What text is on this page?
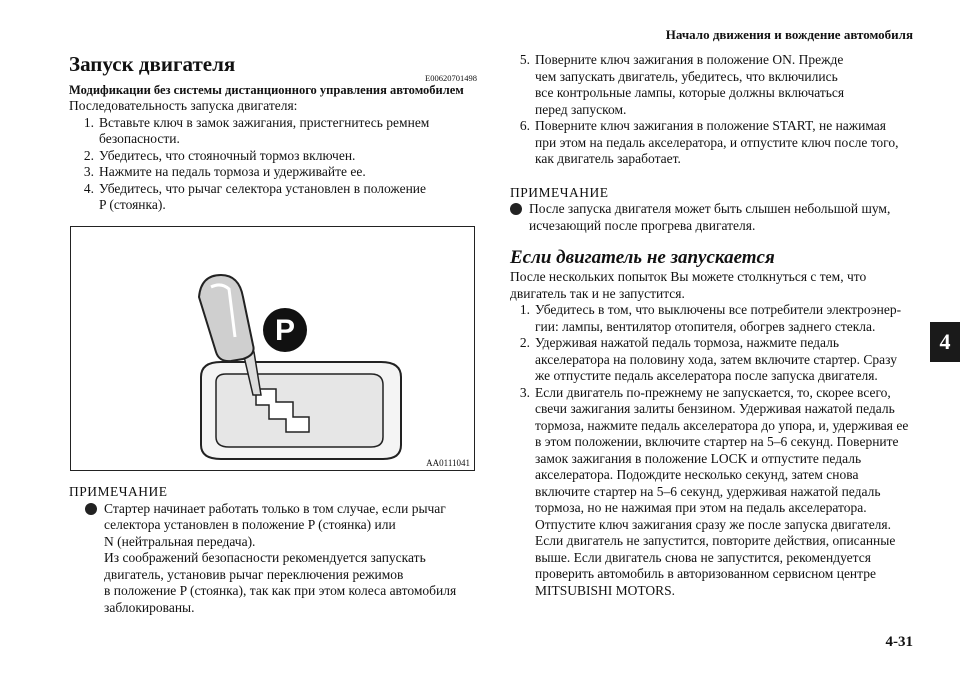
Начало движения и вождение автомобиля
4
4-31
Запуск двигателя
E00620701498
Модификации без системы дистанционного управления автомобилем

Последовательность запуска двигателя:

1. Вставьте ключ в замок зажигания, пристегнитесь ремнем
безопасности.
2. Убедитесь, что стояночный тормоз включен.
3. Нажмите на педаль тормоза и удерживайте ее.
4. Убедитесь, что рычаг селектора установлен в положение
P (стоянка).
P
AA0111041
ПРИМЕЧАНИЕ
Стартер начинает работать только в том случае, если рычаг
селектора установлен в положение P (стоянка) или
N (нейтральная передача).
Из соображений безопасности рекомендуется запускать
двигатель, установив рычаг переключения режимов
в положение P (стоянка), так как при этом колеса автомобиля
заблокированы.
5. Поверните ключ зажигания в положение ON. Прежде
чем запускать двигатель, убедитесь, что включились
все контрольные лампы, которые должны включаться
перед запуском.
6. Поверните ключ зажигания в положение START, не нажимая
при этом на педаль акселератора, и отпустите ключ после того,
как двигатель заработает.
ПРИМЕЧАНИЕ
После запуска двигателя может быть слышен небольшой шум,
исчезающий после прогрева двигателя.
Если двигатель не запускается

После нескольких попыток Вы можете столкнуться с тем, что
двигатель так и не запустится.

1. Убедитесь в том, что выключены все потребители электроэнер-
гии: лампы, вентилятор отопителя, обогрев заднего стекла.
2. Удерживая нажатой педаль тормоза, нажмите педаль
акселератора на половину хода, затем включите стартер. Сразу
же отпустите педаль акселератора после запуска двигателя.
3. Если двигатель по-прежнему не запускается, то, скорее всего,
свечи зажигания залиты бензином. Удерживая нажатой педаль
тормоза, нажмите педаль акселератора до упора, и, удерживая ее
в этом положении, включите стартер на 5–6 секунд. Поверните
замок зажигания в положение LOCK и отпустите педаль
акселератора. Подождите несколько секунд, затем снова
включите стартер на 5–6 секунд, удерживая нажатой педаль
тормоза, но не нажимая при этом на педаль акселератора.
Отпустите ключ зажигания сразу же после запуска двигателя.
Если двигатель не запустится, повторите действия, описанные
выше. Если двигатель снова не запустится, рекомендуется
проверить автомобиль в авторизованном сервисном центре
MITSUBISHI MOTORS.
